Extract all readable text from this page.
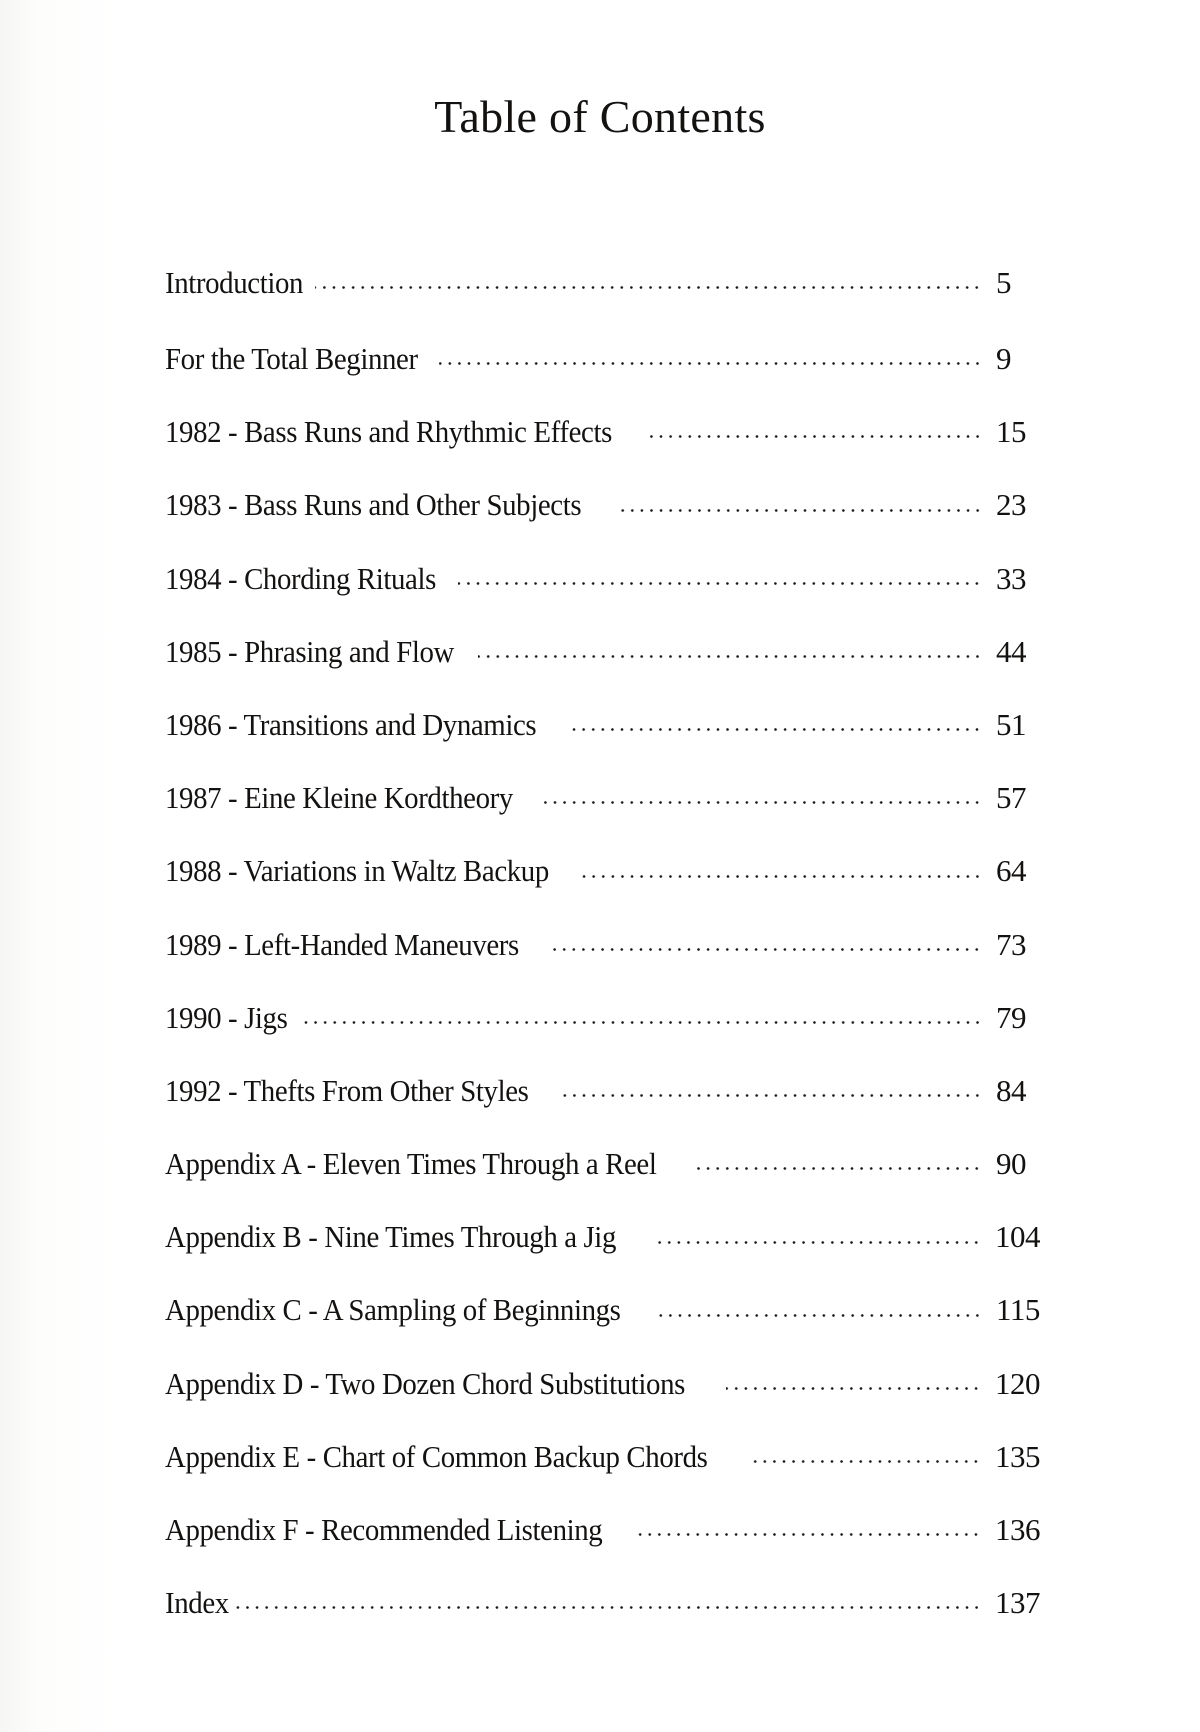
Table of Contents
Introduction	5
For the Total Beginner	9
1982 - Bass Runs and Rhythmic Effects	15
1983 - Bass Runs and Other Subjects	23
1984 - Chording Rituals	33
1985 - Phrasing and Flow	44
1986 - Transitions and Dynamics	51
1987 - Eine Kleine Kordtheory	57
1988 - Variations in Waltz Backup	64
1989 - Left-Handed Maneuvers	73
1990 - Jigs	79
1992 - Thefts From Other Styles	84
Appendix A - Eleven Times Through a Reel	90
Appendix B - Nine Times Through a Jig	104
Appendix C - A Sampling of Beginnings	115
Appendix D - Two Dozen Chord Substitutions	120
Appendix E - Chart of Common Backup Chords	135
Appendix F - Recommended Listening	136
Index	137
